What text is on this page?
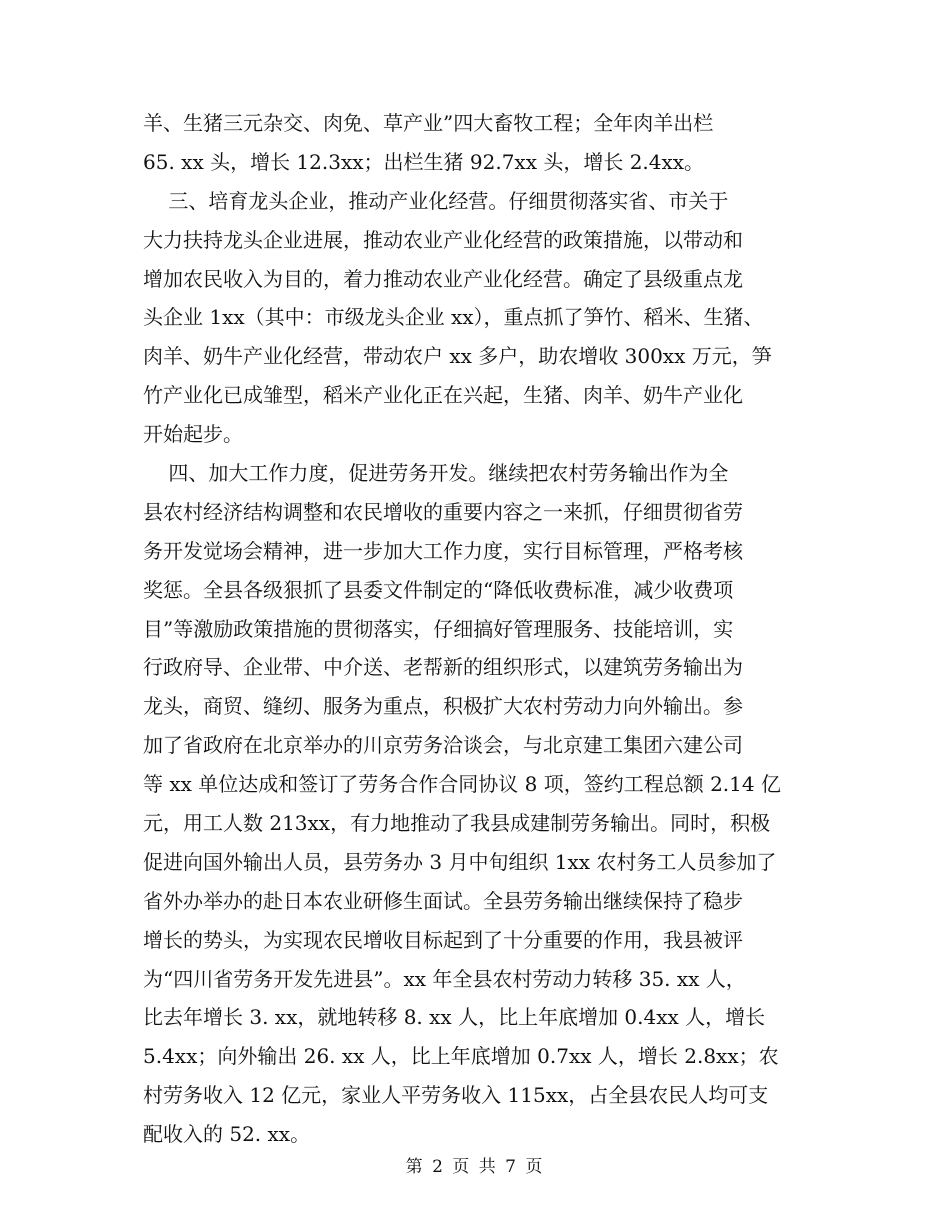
羊、生猪三元杂交、肉免、草产业”四大畜牧工程；全年肉羊出栏
65. xx 头，增长 12.3xx；出栏生猪 92.7xx 头，增长 2.4xx。
三、培育龙头企业，推动产业化经营。仔细贯彻落实省、市关于
大力扶持龙头企业进展，推动农业产业化经营的政策措施，以带动和
增加农民收入为目的，着力推动农业产业化经营。确定了县级重点龙
头企业 1xx（其中：市级龙头企业 xx），重点抓了笋竹、稻米、生猪、
肉羊、奶牛产业化经营，带动农户 xx 多户，助农增收 300xx 万元，笋
竹产业化已成雏型，稻米产业化正在兴起，生猪、肉羊、奶牛产业化
开始起步。
四、加大工作力度，促进劳务开发。继续把农村劳务输出作为全
县农村经济结构调整和农民增收的重要内容之一来抓，仔细贯彻省劳
务开发觉场会精神，进一步加大工作力度，实行目标管理，严格考核
奖惩。全县各级狠抓了县委文件制定的“降低收费标准，减少收费项
目”等激励政策措施的贯彻落实，仔细搞好管理服务、技能培训，实
行政府导、企业带、中介送、老帮新的组织形式，以建筑劳务输出为
龙头，商贸、缝纫、服务为重点，积极扩大农村劳动力向外输出。参
加了省政府在北京举办的川京劳务洽谈会，与北京建工集团六建公司
等 xx 单位达成和签订了劳务合作合同协议 8 项，签约工程总额 2.14 亿
元，用工人数 213xx，有力地推动了我县成建制劳务输出。同时，积极
促进向国外输出人员，县劳务办 3 月中旬组织 1xx 农村务工人员参加了
省外办举办的赴日本农业研修生面试。全县劳务输出继续保持了稳步
增长的势头，为实现农民增收目标起到了十分重要的作用，我县被评
为“四川省劳务开发先进县”。xx 年全县农村劳动力转移 35. xx 人，
比去年增长 3. xx，就地转移 8. xx 人，比上年底增加 0.4xx 人，增长
5.4xx；向外输出 26. xx 人，比上年底增加 0.7xx 人，增长 2.8xx；农
村劳务收入 12 亿元，家业人平劳务收入 115xx，占全县农民人均可支
配收入的 52. xx。
第 2 页 共 7 页
